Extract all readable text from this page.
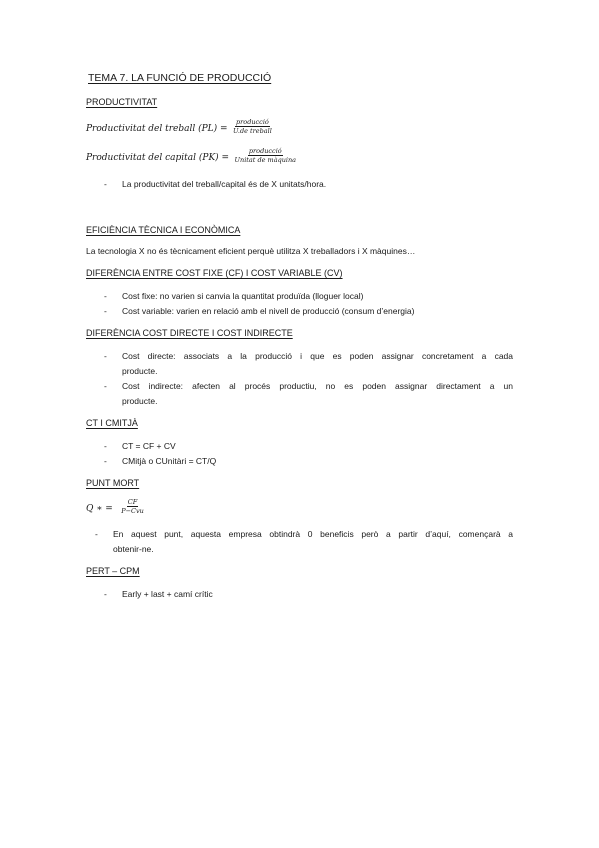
TEMA 7. LA FUNCIÓ DE PRODUCCIÓ
PRODUCTIVITAT
Productivitat del treball $(PL) = \frac{\text{producció}}{\text{U.de treball}}$
Productivitat del capital $(PK) = \frac{\text{producció}}{\text{Unitat de màquina}}$
- La productivitat del treball/capital és de X unitats/hora.
EFICIÈNCIA TÈCNICA I ECONÒMICA
La tecnologia X no és tècnicament eficient perquè utilitza X treballadors i X màquines…
DIFERÈNCIA ENTRE COST FIXE (CF) I COST VARIABLE (CV)
- Cost fixe: no varien si canvia la quantitat produïda (lloguer local)
- Cost variable: varien en relació amb el nivell de producció (consum d’energia)
DIFERÈNCIA COST DIRECTE I COST INDIRECTE
- Cost directe: associats a la producció i que es poden assignar concretament a cada
producte.
- Cost indirecte: afecten al procés productiu, no es poden assignar directament a un
producte.
CT I CMITJÀ
- CT = CF + CV
- CMitjà o CUnitàri = CT/Q
PUNT MORT
Q ∗ = $\frac{CF}{\text{P−Cvu}}$
- En aquest punt, aquesta empresa obtindrà 0 beneficis però a partir d’aquí, començarà a
obtenir-ne.
PERT – CPM
- Early + last + camí crític
